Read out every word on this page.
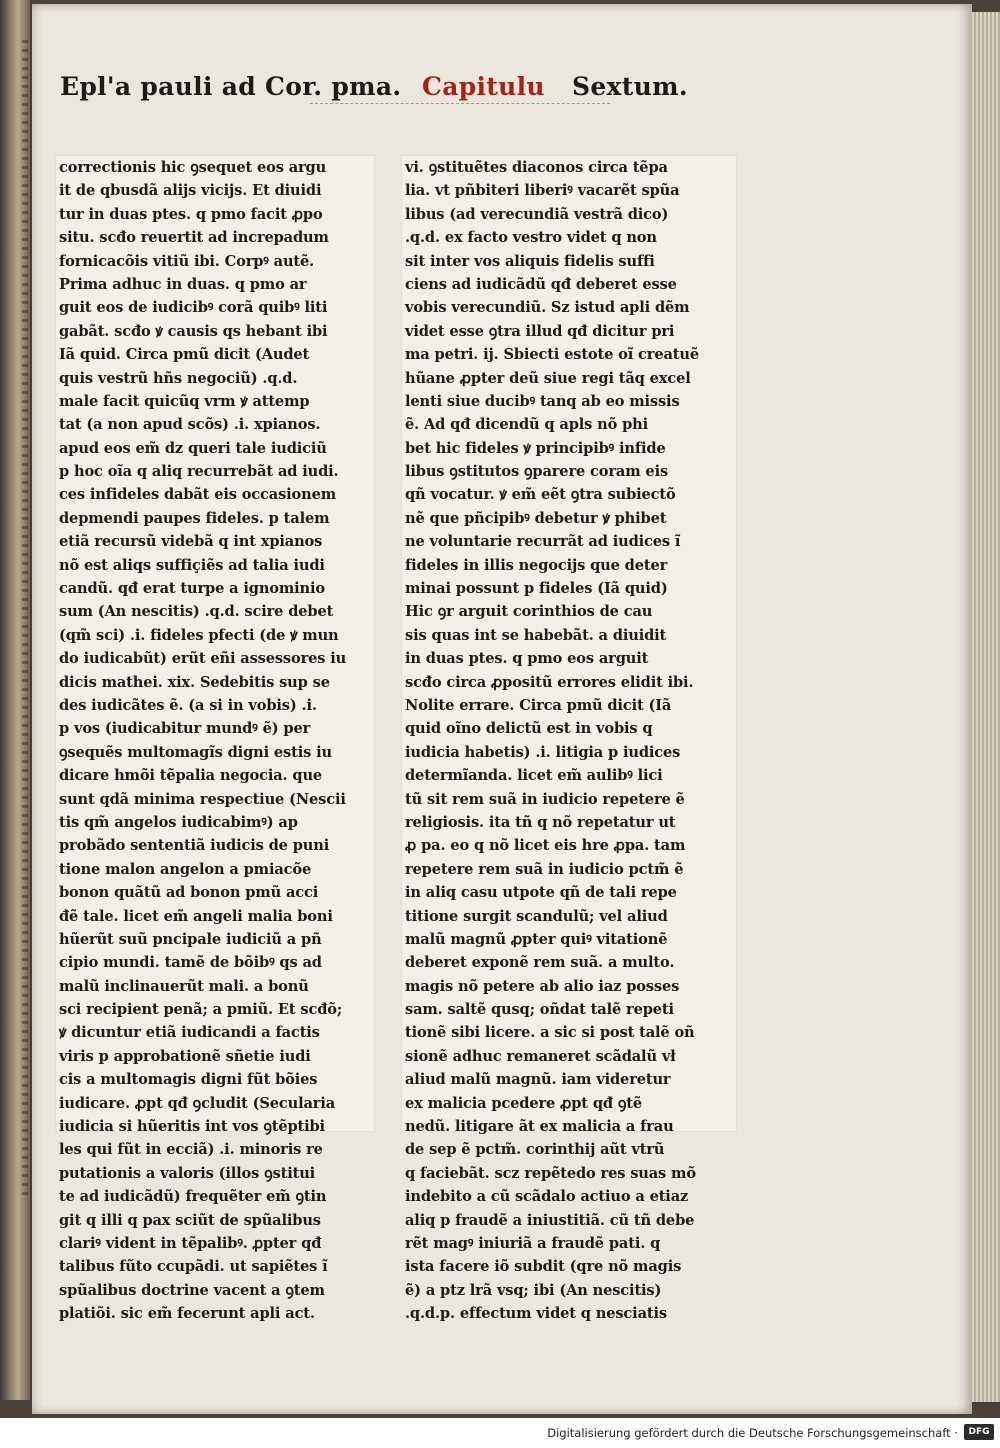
Epl'a pauli ad Cor. pma. Capitulu Sextum.
correctionis hic ꝯsequet eos argu
it de qbusdã alijs vicijs. Et diuidi
tur in duas ptes. q pmo facit ꝓpo
situ. scđo reuertit ad increpadum
fornicacõis vitiũ ibi. Corpꝰ autẽ.
Prima adhuc in duas. q pmo ar
guit eos de iudicibꝰ corã quibꝰ liti
gabãt. scđo ꝟ causis qs hebant ibi
Iã quid. Circa pmũ dicit (Audet
quis vestrũ hñs negociũ) .q.d.
male facit quicũq vrm ꝟ attemp
tat (a non apud scõs) .i. xpianos.
apud eos em̃ dz queri tale iudiciũ
p hoc oĩa q aliq recurrebãt ad iudi.
ces infideles dabãt eis occasionem
depmendi paupes fideles. p talem
etiã recursũ videbã q int xpianos
nõ est aliqs suffiçiẽs ad talia iudi
candũ. qđ erat turpe a ignominio
sum (An nescitis) .q.d. scire debet
(qm̃ sci) .i. fideles pfecti (de ꝟ mun
do iudicabũt) erũt eñi assessores iu
dicis mathei. xix. Sedebitis sup se
des iudicãtes ẽ. (a si in vobis) .i.
p vos (iudicabitur mundꝰ ẽ) per
ꝯsequẽs multomagĩs digni estis iu
dicare hmõi tẽpalia negocia. que
sunt qdã minima respectiue (Nescii
tis qm̃ angelos iudicabimꝰ) ap
probãdo sententiã iudicis de puni
tione malon angelon a pmiacõe
bonon quãtũ ad bonon pmũ acci
đẽ tale. licet em̃ angeli malia boni
hũerũt suũ pncipale iudiciũ a pñ
cipio mundi. tamẽ de bõibꝰ qs ad
malũ inclinauerũt mali. a bonũ
sci recipient penã; a pmiũ. Et scđõ;
ꝟ dicuntur etiã iudicandi a factis
viris p approbationẽ sñetie iudi
cis a multomagis digni fũt bõies
iudicare. ꝓpt qđ ꝯcludit (Secularia
iudicia si hũeritis int vos ꝯtẽptibi
les qui fũt in ecciã) .i. minoris re
putationis a valoris (illos ꝯstitui
te ad iudicãdũ) frequẽter em̃ ꝯtin
git q illi q pax sciũt de spũalibus
clariꝰ vident in tẽpalibꝰ. ꝓpter qđ
talibus fũto ccupãdi. ut sapiẽtes ĩ
spũalibus doctrine vacent a ꝯtem
platiõi. sic em̃ fecerunt apli act.
vi. ꝯstituẽtes diaconos circa tẽpa
lia. vt pñbiteri liberiꝰ vacarẽt spũa
libus (ad verecundiã vestrã dico)
.q.d. ex facto vestro videt q non
sit inter vos aliquis fidelis suffi
ciens ad iudicãdũ qđ deberet esse
vobis verecundiũ. Sz istud apli dẽm
videt esse ꝯtra illud qđ dicitur pri
ma petri. ij. Sbiecti estote oĩ creatuẽ
hũane ꝓpter deũ siue regi tãq excel
lenti siue ducibꝰ tanq ab eo missis
ẽ. Ad qđ dicendũ q apls nõ phi
bet hic fideles ꝟ principibꝰ infide
libus ꝯstitutos ꝯparere coram eis
qñ vocatur. ꝟ em̃ eẽt ꝯtra subiectõ
nẽ que pñcipibꝰ debetur ꝟ phibet
ne voluntarie recurrãt ad iudices ĩ
fideles in illis negocijs que deter
minai possunt p fideles (Iã quid)
Hic ꝯr arguit corinthios de cau
sis quas int se habebãt. a diuidit
in duas ptes. q pmo eos arguit
scđo circa ꝓpositũ errores elidit ibi.
Nolite errare. Circa pmũ dicit (Iã
quid oĩno delictũ est in vobis q
iudicia habetis) .i. litigia p iudices
determĩanda. licet em̃ aulibꝰ lici
tũ sit rem suã in iudicio repetere ẽ
religiosis. ita tñ q nõ repetatur ut
ꝓ pa. eo q nõ licet eis hre ꝓpa. tam
repetere rem suã in iudicio pctm̃ ẽ
in aliq casu utpote qñ de tali repe
titione surgit scandulũ; vel aliud
malũ magnũ ꝓpter quiꝰ vitationẽ
deberet exponẽ rem suã. a multo.
magis nõ petere ab alio iaz posses
sam. saltẽ qusq; oñdat talẽ repeti
tionẽ sibi licere. a sic si post talẽ oñ
sionẽ adhuc remaneret scãdalũ vł
aliud malũ magnũ. iam videretur
ex malicia pcedere ꝓpt qđ ꝯtẽ
nedũ. litigare ãt ex malicia a frau
de sep ẽ pctm̃. corinthij aũt vtrũ
q faciebãt. scz repẽtedo res suas mõ
indebito a cũ scãdalo actiuo a etiaz
aliq p fraudẽ a iniustitiã. cũ tñ debe
rẽt magꝰ iniuriã a fraudẽ pati. q
ista facere iõ subdit (qre nõ magis
ẽ) a ptz lrã vsq; ibi (An nescitis)
.q.d.p. effectum videt q nesciatis
Digitalisierung gefördert durch die Deutsche Forschungsgemeinschaft ·	DFG
